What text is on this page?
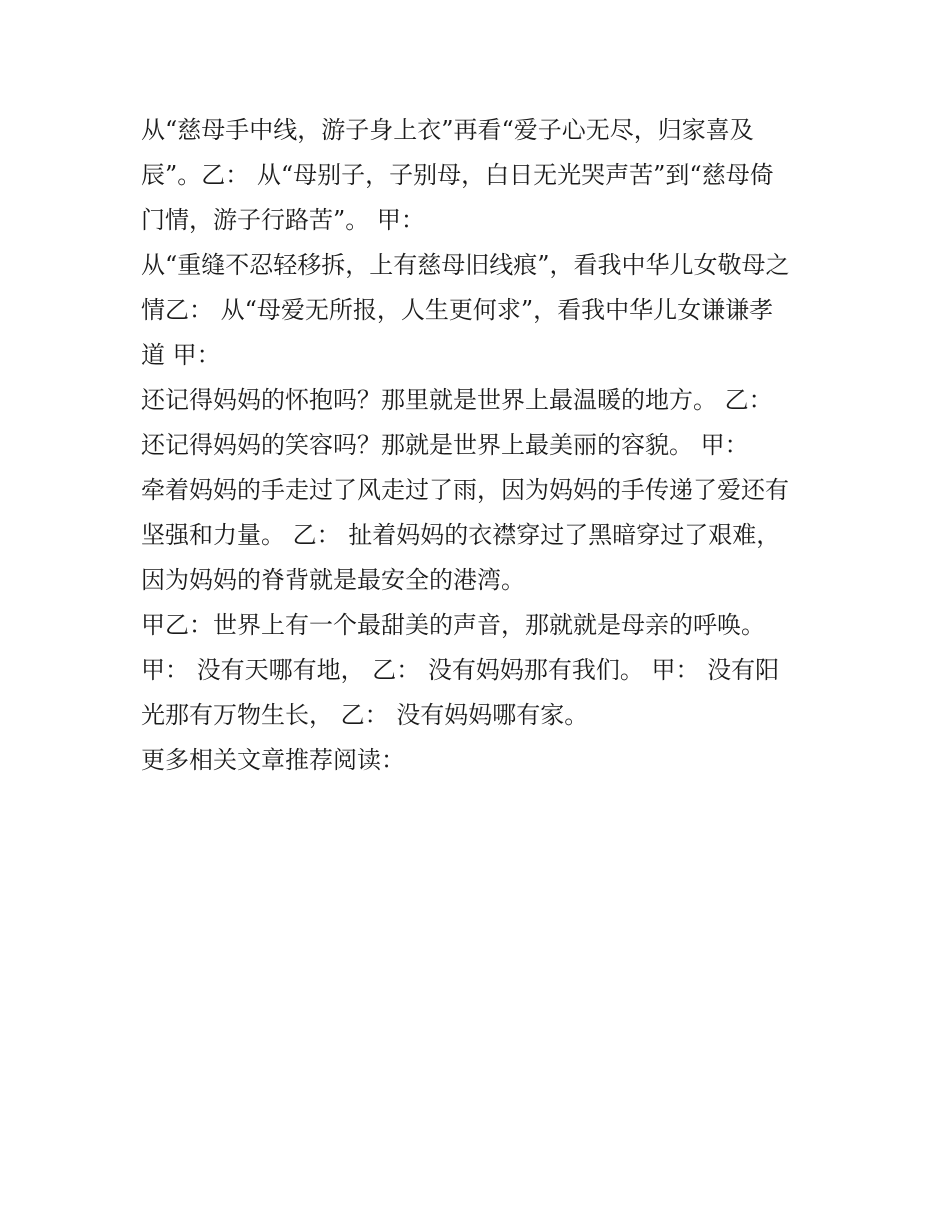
从“慈母手中线，游子身上衣”再看“爱子心无尽，归家喜及
辰”。乙： 从“母别子，子别母，白日无光哭声苦”到“慈母倚
门情，游子行路苦”。 甲：
从“重缝不忍轻移拆，上有慈母旧线痕”，看我中华儿女敬母之
情乙： 从“母爱无所报，人生更何求”，看我中华儿女谦谦孝
道 甲：
还记得妈妈的怀抱吗？那里就是世界上最温暖的地方。 乙：
还记得妈妈的笑容吗？那就是世界上最美丽的容貌。 甲：
牵着妈妈的手走过了风走过了雨，因为妈妈的手传递了爱还有
坚强和力量。 乙： 扯着妈妈的衣襟穿过了黑暗穿过了艰难，
因为妈妈的脊背就是最安全的港湾。
甲乙：世界上有一个最甜美的声音，那就就是母亲的呼唤。
甲： 没有天哪有地， 乙： 没有妈妈那有我们。 甲： 没有阳
光那有万物生长， 乙： 没有妈妈哪有家。
更多相关文章推荐阅读：
